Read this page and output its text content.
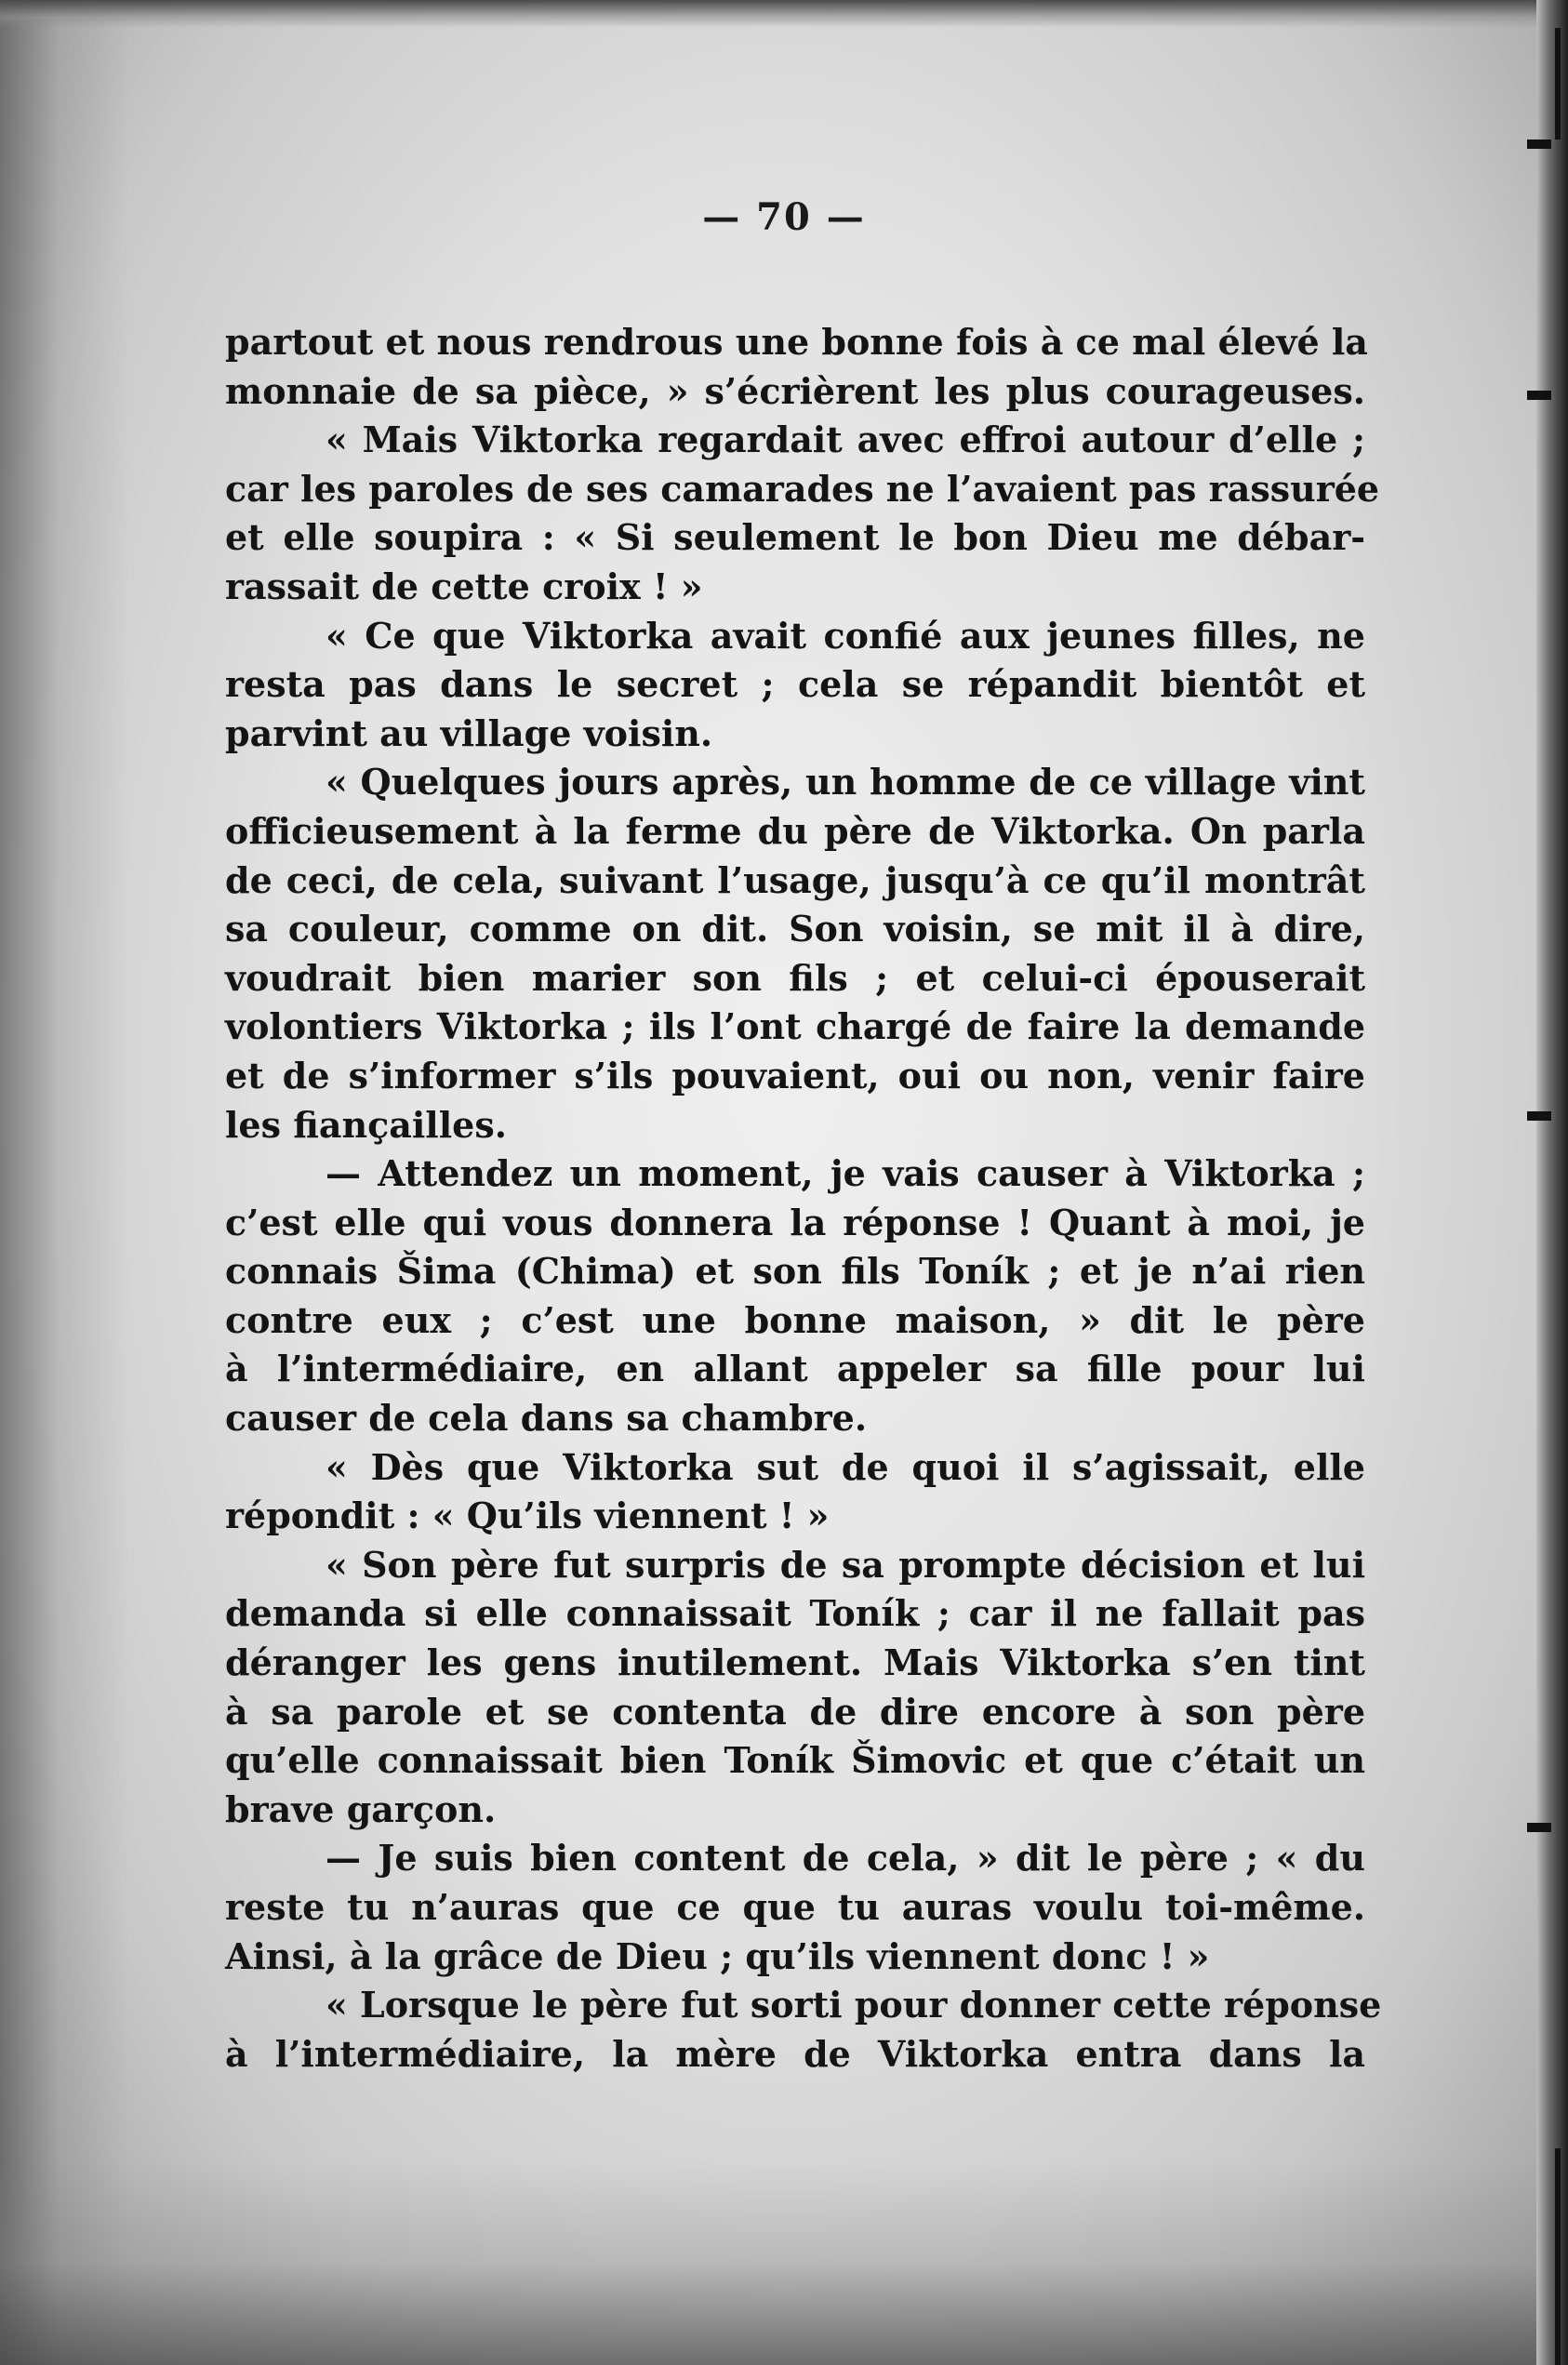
— 70 —
partout et nous rendrous une bonne fois à ce mal élevé la
monnaie de sa pièce, » s’écrièrent les plus courageuses.
« Mais Viktorka regardait avec effroi autour d’elle ;
car les paroles de ses camarades ne l’avaient pas rassurée
et elle soupira : « Si seulement le bon Dieu me débar-
rassait de cette croix ! »
« Ce que Viktorka avait confié aux jeunes filles, ne
resta pas dans le secret ; cela se répandit bientôt et
parvint au village voisin.
« Quelques jours après, un homme de ce village vint
officieusement à la ferme du père de Viktorka. On parla
de ceci, de cela, suivant l’usage, jusqu’à ce qu’il montrât
sa couleur, comme on dit. Son voisin, se mit il à dire,
voudrait bien marier son fils ; et celui-ci épouserait
volontiers Viktorka ; ils l’ont chargé de faire la demande
et de s’informer s’ils pouvaient, oui ou non, venir faire
les fiançailles.
— Attendez un moment, je vais causer à Viktorka ;
c’est elle qui vous donnera la réponse ! Quant à moi, je
connais Šima (Chima) et son fils Toník ; et je n’ai rien
contre eux ; c’est une bonne maison, » dit le père
à l’intermédiaire, en allant appeler sa fille pour lui
causer de cela dans sa chambre.
« Dès que Viktorka sut de quoi il s’agissait, elle
répondit : « Qu’ils viennent ! »
« Son père fut surpris de sa prompte décision et lui
demanda si elle connaissait Toník ; car il ne fallait pas
déranger les gens inutilement. Mais Viktorka s’en tint
à sa parole et se contenta de dire encore à son père
qu’elle connaissait bien Toník Šimovic et que c’était un
brave garçon.
— Je suis bien content de cela, » dit le père ; « du
reste tu n’auras que ce que tu auras voulu toi-même.
Ainsi, à la grâce de Dieu ; qu’ils viennent donc ! »
« Lorsque le père fut sorti pour donner cette réponse
à l’intermédiaire, la mère de Viktorka entra dans la
